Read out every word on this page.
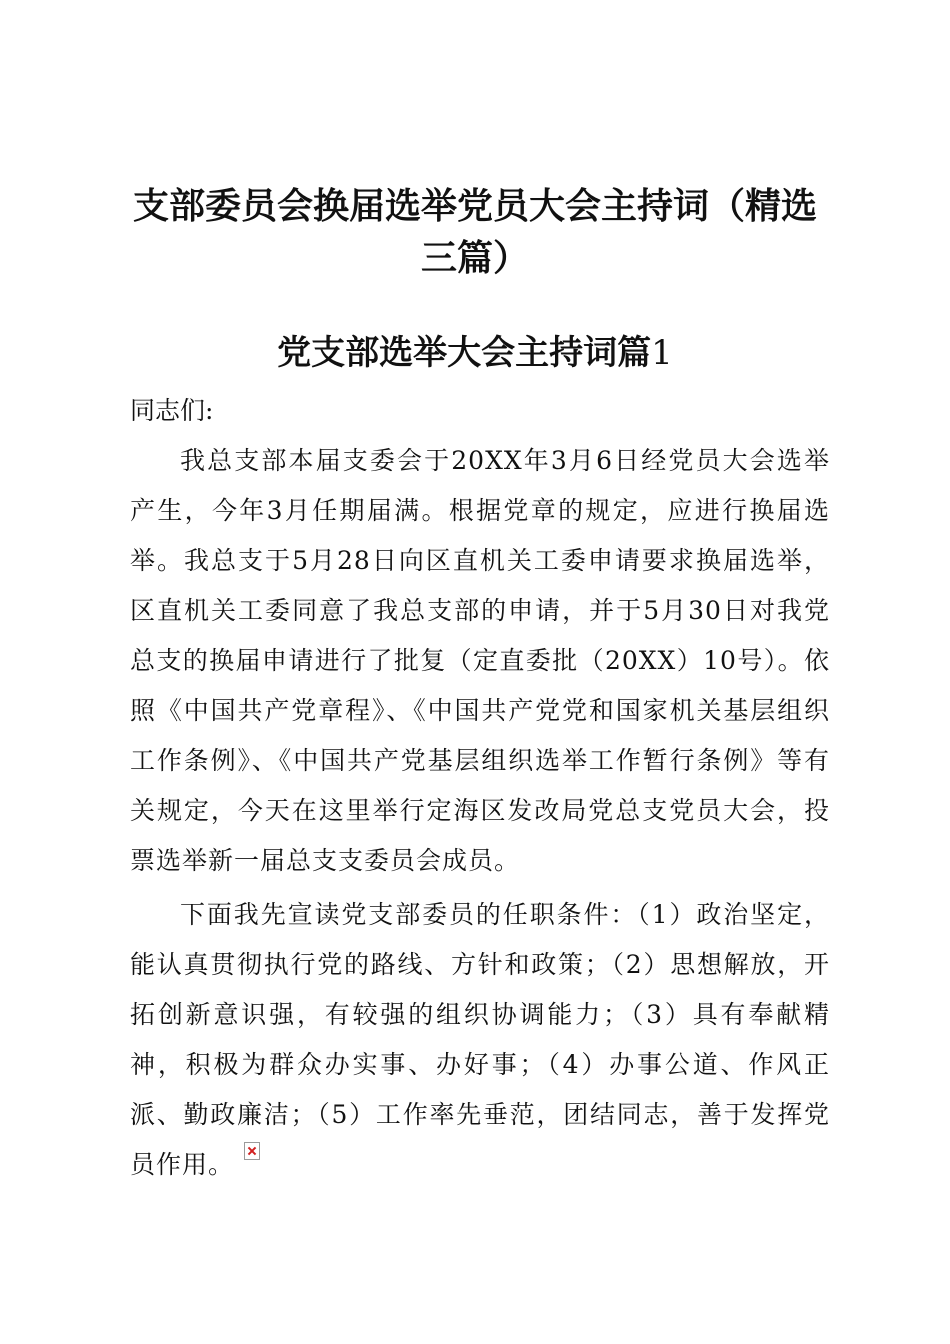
支部委员会换届选举党员大会主持词（精选三篇）
党支部选举大会主持词篇1

同志们:

我总支部本届支委会于20XX年3月6日经党员大会选举产生，今年3月任期届满。根据党章的规定，应进行换届选举。我总支于5月28日向区直机关工委申请要求换届选举，区直机关工委同意了我总支部的申请，并于5月30日对我党总支的换届申请进行了批复（定直委批（20XX）10号）。依照《中国共产党章程》、《中国共产党党和国家机关基层组织工作条例》、《中国共产党基层组织选举工作暂行条例》等有关规定，今天在这里举行定海区发改局党总支党员大会，投票选举新一届总支支委员会成员。

下面我先宣读党支部委员的任职条件：（1）政治坚定，能认真贯彻执行党的路线、方针和政策；（2）思想解放，开拓创新意识强，有较强的组织协调能力；（3）具有奉献精神，积极为群众办实事、办好事；（4）办事公道、作风正派、勤政廉洁；（5）工作率先垂范，团结同志，善于发挥党员作用。
